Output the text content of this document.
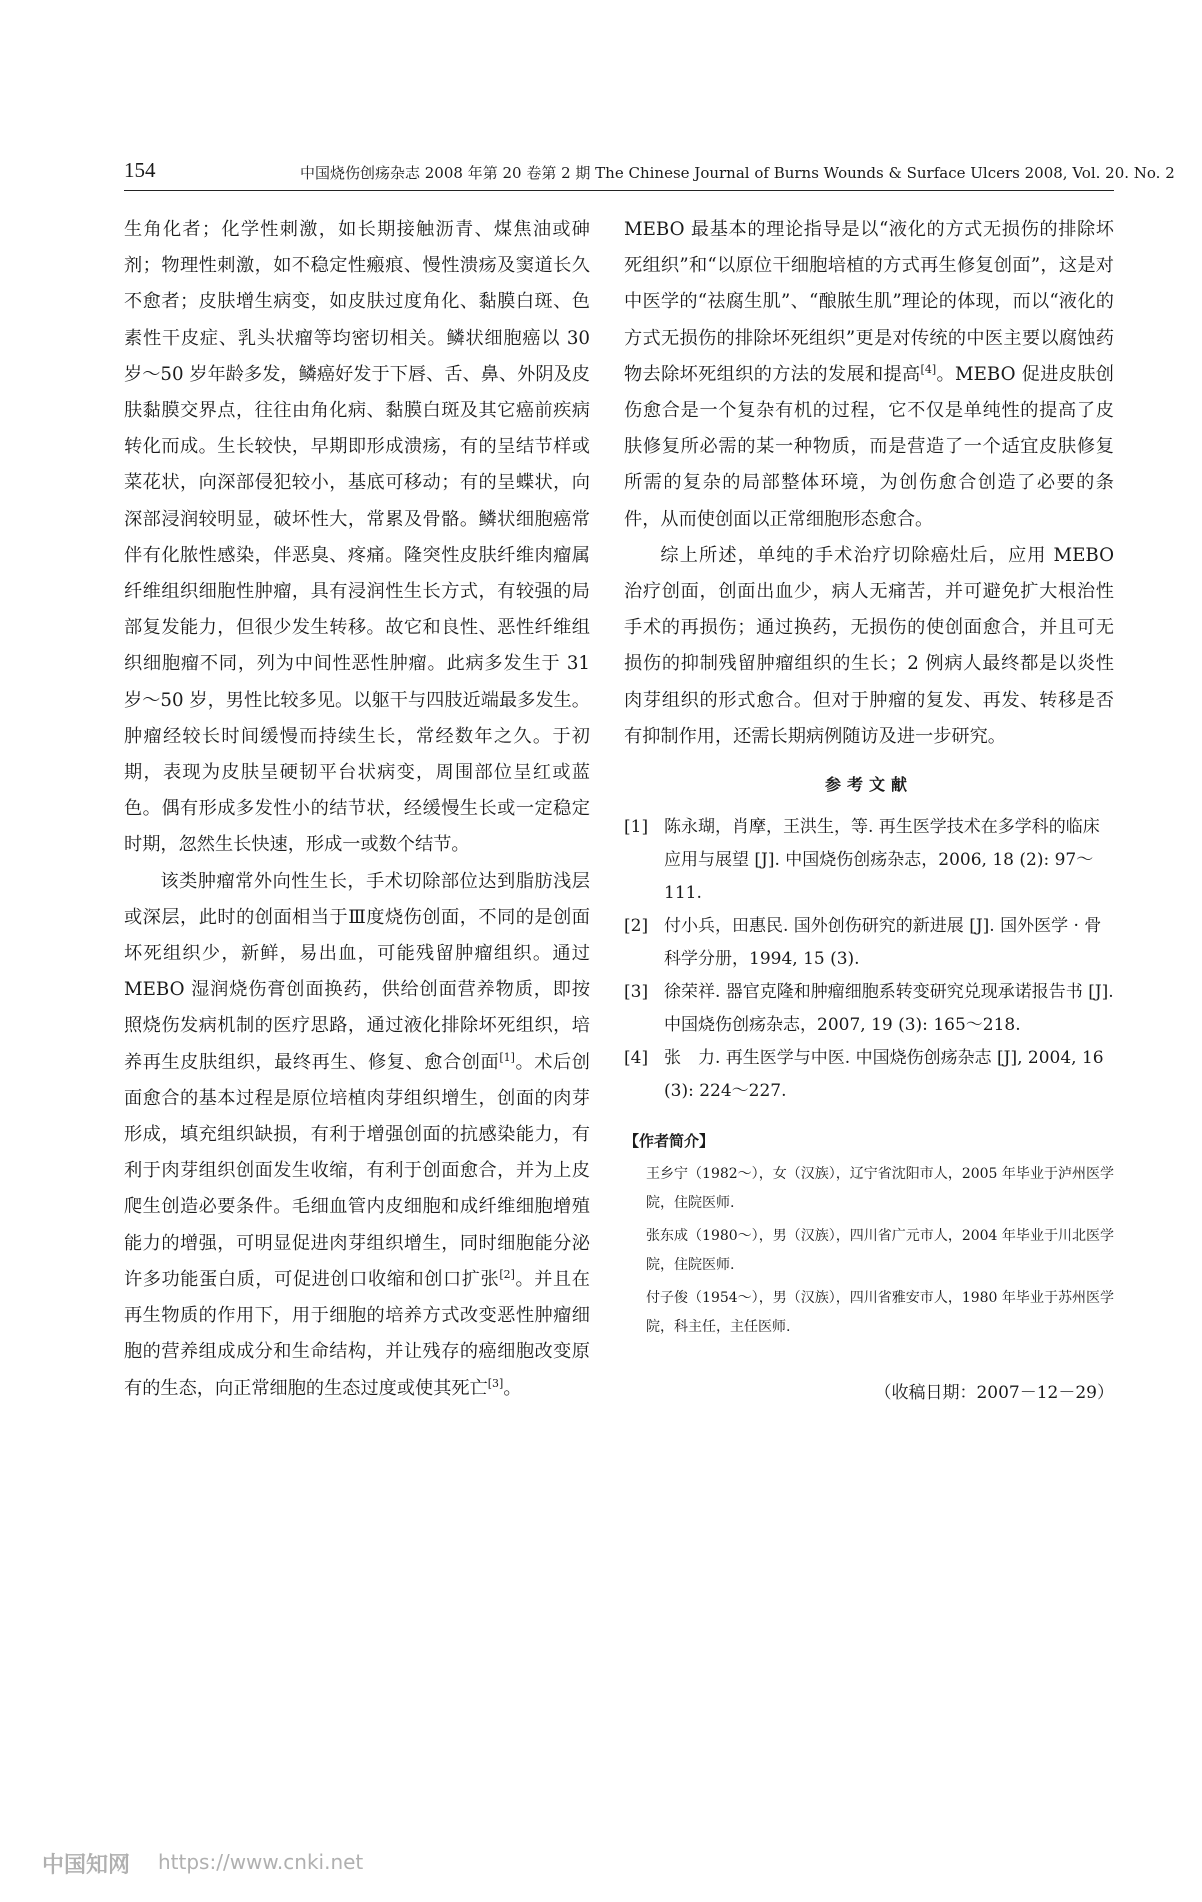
154	中国烧伤创疡杂志 2008 年第 20 卷第 2 期 The Chinese Journal of Burns Wounds & Surface Ulcers 2008, Vol. 20. No. 2

生角化者；化学性刺激，如长期接触沥青、煤焦油或砷剂；物理性刺激，如不稳定性瘢痕、慢性溃疡及窦道长久不愈者；皮肤增生病变，如皮肤过度角化、黏膜白斑、色素性干皮症、乳头状瘤等均密切相关。鳞状细胞癌以 30 岁～50 岁年龄多发，鳞癌好发于下唇、舌、鼻、外阴及皮肤黏膜交界点，往往由角化病、黏膜白斑及其它癌前疾病转化而成。生长较快，早期即形成溃疡，有的呈结节样或菜花状，向深部侵犯较小，基底可移动；有的呈蝶状，向深部浸润较明显，破坏性大，常累及骨骼。鳞状细胞癌常伴有化脓性感染，伴恶臭、疼痛。隆突性皮肤纤维肉瘤属纤维组织细胞性肿瘤，具有浸润性生长方式，有较强的局部复发能力，但很少发生转移。故它和良性、恶性纤维组织细胞瘤不同，列为中间性恶性肿瘤。此病多发生于 31 岁～50 岁，男性比较多见。以躯干与四肢近端最多发生。肿瘤经较长时间缓慢而持续生长，常经数年之久。于初期，表现为皮肤呈硬韧平台状病变，周围部位呈红或蓝色。偶有形成多发性小的结节状，经缓慢生长或一定稳定时期，忽然生长快速，形成一或数个结节。

该类肿瘤常外向性生长，手术切除部位达到脂肪浅层或深层，此时的创面相当于Ⅲ度烧伤创面，不同的是创面坏死组织少，新鲜，易出血，可能残留肿瘤组织。通过 MEBO 湿润烧伤膏创面换药，供给创面营养物质，即按照烧伤发病机制的医疗思路，通过液化排除坏死组织，培养再生皮肤组织，最终再生、修复、愈合创面[1]。术后创面愈合的基本过程是原位培植肉芽组织增生，创面的肉芽形成，填充组织缺损，有利于增强创面的抗感染能力，有利于肉芽组织创面发生收缩，有利于创面愈合，并为上皮爬生创造必要条件。毛细血管内皮细胞和成纤维细胞增殖能力的增强，可明显促进肉芽组织增生，同时细胞能分泌许多功能蛋白质，可促进创口收缩和创口扩张[2]。并且在再生物质的作用下，用于细胞的培养方式改变恶性肿瘤细胞的营养组成成分和生命结构，并让残存的癌细胞改变原有的生态，向正常细胞的生态过度或使其死亡[3]。

MEBO 最基本的理论指导是以“液化的方式无损伤的排除坏死组织”和“以原位干细胞培植的方式再生修复创面”，这是对中医学的“祛腐生肌”、“酿脓生肌”理论的体现，而以“液化的方式无损伤的排除坏死组织”更是对传统的中医主要以腐蚀药物去除坏死组织的方法的发展和提高[4]。MEBO 促进皮肤创伤愈合是一个复杂有机的过程，它不仅是单纯性的提高了皮肤修复所必需的某一种物质，而是营造了一个适宜皮肤修复所需的复杂的局部整体环境，为创伤愈合创造了必要的条件，从而使创面以正常细胞形态愈合。

综上所述，单纯的手术治疗切除癌灶后，应用 MEBO 治疗创面，创面出血少，病人无痛苦，并可避免扩大根治性手术的再损伤；通过换药，无损伤的使创面愈合，并且可无损伤的抑制残留肿瘤组织的生长；2 例病人最终都是以炎性肉芽组织的形式愈合。但对于肿瘤的复发、再发、转移是否有抑制作用，还需长期病例随访及进一步研究。

参考文献
[1] 陈永瑚，肖摩，王洪生，等. 再生医学技术在多学科的临床应用与展望 [J]. 中国烧伤创疡杂志，2006, 18 (2): 97～111.
[2] 付小兵，田惠民. 国外创伤研究的新进展 [J]. 国外医学 · 骨科学分册，1994, 15 (3).
[3] 徐荣祥. 器官克隆和肿瘤细胞系转变研究兑现承诺报告书 [J]. 中国烧伤创疡杂志，2007, 19 (3): 165～218.
[4] 张　力. 再生医学与中医. 中国烧伤创疡杂志 [J], 2004, 16 (3): 224～227.
【作者简介】
王乡宁（1982～），女（汉族），辽宁省沈阳市人，2005 年毕业于泸州医学院，住院医师.
张东成（1980～），男（汉族），四川省广元市人，2004 年毕业于川北医学院，住院医师.
付子俊（1954～），男（汉族），四川省雅安市人，1980 年毕业于苏州医学院，科主任，主任医师.
（收稿日期：2007－12－29）
中国知网 https://www.cnki.net
